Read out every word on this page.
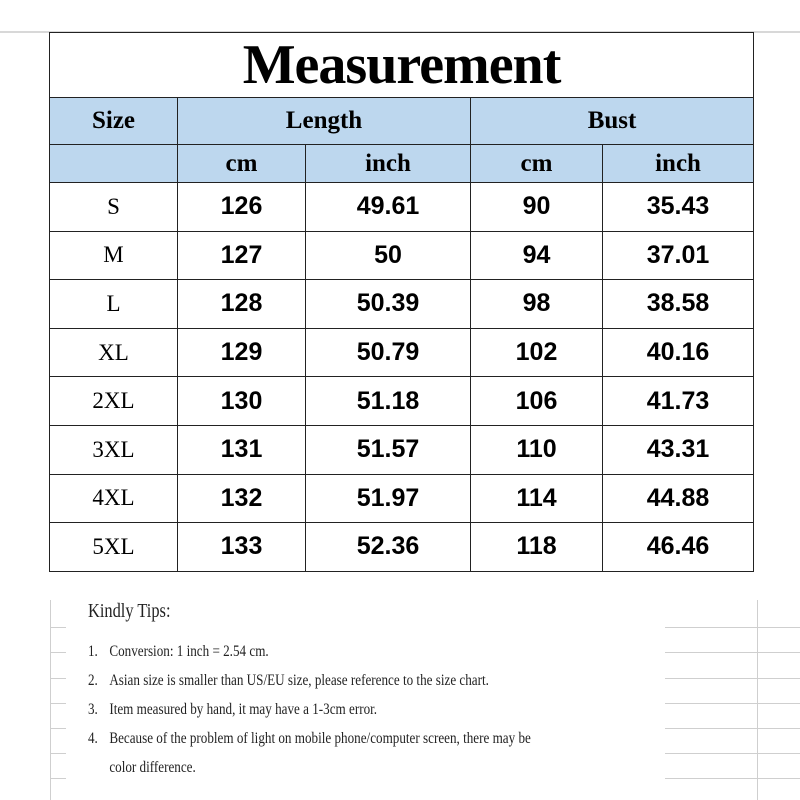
Measurement				
Size	Length		Bust	
	cm	inch	cm	inch
S	126	49.61	90	35.43
M	127	50	94	37.01
L	128	50.39	98	38.58
XL	129	50.79	102	40.16
2XL	130	51.18	106	41.73
3XL	131	51.57	110	43.31
4XL	132	51.97	114	44.88
5XL	133	52.36	118	46.46
Kindly Tips:
1. Conversion: 1 inch = 2.54 cm.
2. Asian size is smaller than US/EU size, please reference to the size chart.
3. Item measured by hand, it may have a 1-3cm error.
4. Because of the problem of light on mobile phone/computer screen, there may be
color difference.
